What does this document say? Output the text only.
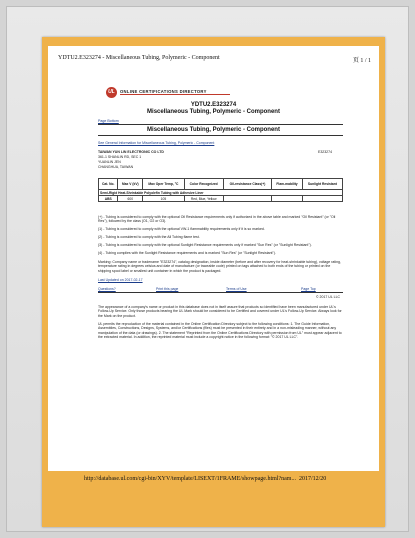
YDTU2.E323274 - Miscellaneous Tubing, Polymeric - Component	页 1 / 1
UL	ONLINE CERTIFICATIONS DIRECTORY
YDTU2.E323274
Miscellaneous Tubing, Polymeric - Component
Page Bottom
Miscellaneous Tubing, Polymeric - Component
See General Information for Miscellaneous Tubing, Polymeric - Component
TAIWAN YUN LIN ELECTRONIC CO LTD	E323274
361-1 SHANLIN RD, SEC 1
YUANLIN JEN
CHANGHUA, TAIWAN
Cat. No.	Max V (kV)	Max Oper Temp, °C	Color Recognized	Oil-resistance Class(+)	Flam-mability	Sunlight Resistant
Semi-Rigid Heat-Shrinkable Polyolefin Tubing with Adhesive Liner						
ABS	600	105	Red, Blue, Yellow			
(+) - Tubing is considered to comply with the optional Oil Resistance requirements only if authorized in the above table and marked "Oil Resistant" (or "Oil Res"), followed by the class (O1, O2 or O3).
(1) - Tubing is considered to comply with the optional VW-1 flammability requirements only if it is so marked.
(2) - Tubing is considered to comply with the All Tubing flame test.
(3) - Tubing is considered to comply with the optional Sunlight Resistance requirements only if marked "Sun Res" (or "Sunlight Resistant").
(4) - Tubing complies with the Sunlight Resistance requirements and is marked "Sun Res" (or "Sunlight Resistant").
Marking: Company name or tradename "E323274", catalog designation, inside diameter (before and after recovery for heat-shrinkable tubing), voltage rating, temperature rating in degrees celsius and date of manufacture (or traceable code) printed on tags attached to both ends of the tubing or printed on the shipping spool label or smallest unit container in which the product is packaged.
Last Updated on 2017-02-17
Questions?	Print this page	Terms of Use	Page Top
© 2017 UL LLC
The appearance of a company's name or product in this database does not in itself assure that products so identified have been manufactured under UL's Follow-Up Service. Only those products bearing the UL Mark should be considered to be Certified and covered under UL's Follow-Up Service. Always look for the Mark on the product.
UL permits the reproduction of the material contained in the Online Certification Directory subject to the following conditions: 1. The Guide Information, Assemblies, Constructions, Designs, Systems, and/or Certifications (files) must be presented in their entirety and in a non-misleading manner, without any manipulation of the data (or drawings). 2. The statement "Reprinted from the Online Certifications Directory with permission from UL" must appear adjacent to the extracted material. In addition, the reprinted material must include a copyright notice in the following format: "© 2017 UL LLC".
http://database.ul.com/cgi-bin/XYV/template/LISEXT/1FRAME/showpage.html?nam... 2017/12/20
